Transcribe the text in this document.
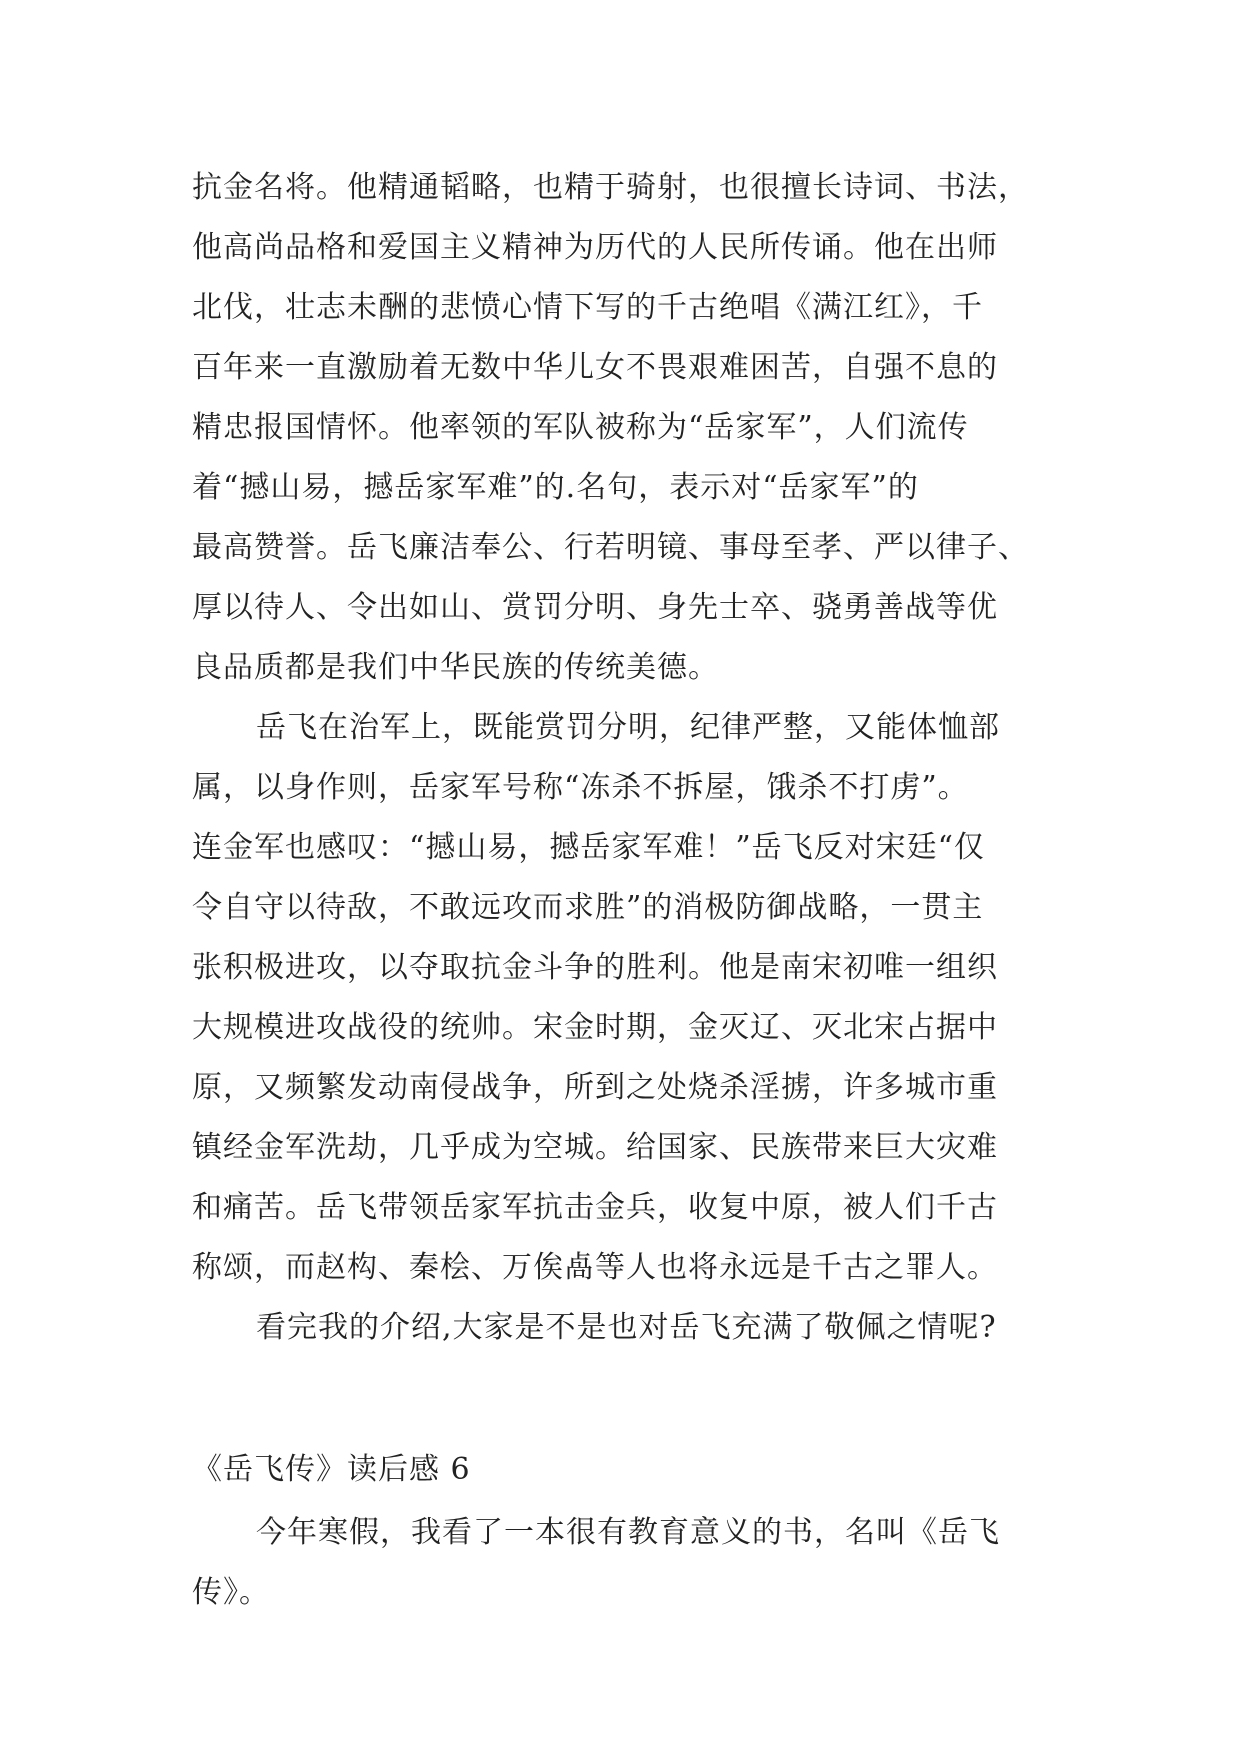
抗金名将。他精通韬略，也精于骑射，也很擅长诗词、书法，
他高尚品格和爱国主义精神为历代的人民所传诵。他在出师
北伐，壮志未酬的悲愤心情下写的千古绝唱《满江红》，千
百年来一直激励着无数中华儿女不畏艰难困苦，自强不息的
精忠报国情怀。他率领的军队被称为“岳家军”，人们流传
着“撼山易，撼岳家军难”的.名句，表示对“岳家军”的
最高赞誉。岳飞廉洁奉公、行若明镜、事母至孝、严以律子、
厚以待人、令出如山、赏罚分明、身先士卒、骁勇善战等优
良品质都是我们中华民族的传统美德。
岳飞在治军上，既能赏罚分明，纪律严整，又能体恤部
属，以身作则，岳家军号称“冻杀不拆屋，饿杀不打虏”。
连金军也感叹：“撼山易，撼岳家军难！”岳飞反对宋廷“仅
令自守以待敌，不敢远攻而求胜”的消极防御战略，一贯主
张积极进攻，以夺取抗金斗争的胜利。他是南宋初唯一组织
大规模进攻战役的统帅。宋金时期，金灭辽、灭北宋占据中
原，又频繁发动南侵战争，所到之处烧杀淫掳，许多城市重
镇经金军洗劫，几乎成为空城。给国家、民族带来巨大灾难
和痛苦。岳飞带领岳家军抗击金兵，收复中原，被人们千古
称颂，而赵构、秦桧、万俟卨等人也将永远是千古之罪人。
看完我的介绍,大家是不是也对岳飞充满了敬佩之情呢?
《岳飞传》读后感 6
今年寒假，我看了一本很有教育意义的书，名叫《岳飞
传》。
